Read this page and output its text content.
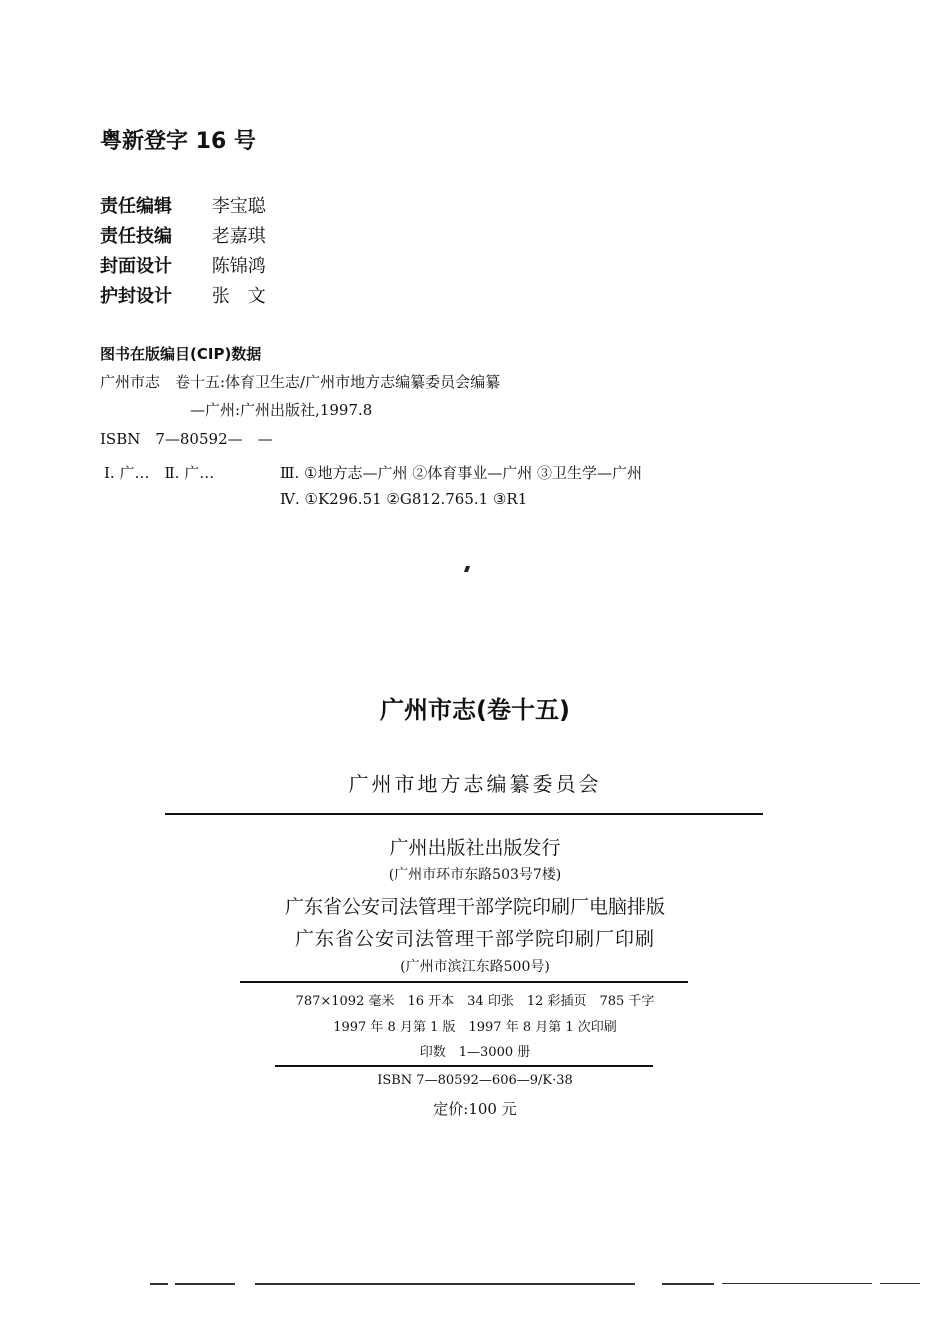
粤新登字 16 号
责任编辑 李宝聪
责任技编 老嘉琪
封面设计 陈锦鸿
护封设计 张　文
图书在版编目(CIP)数据
广州市志　卷十五:体育卫生志/广州市地方志编纂委员会编纂
—广州:广州出版社,1997.8
ISBN　7—80592—　—
Ⅰ. 广…　Ⅱ. 广…	Ⅲ. ①地方志—广州 ②体育事业—广州 ③卫生学—广州
Ⅳ. ①K296.51 ②G812.765.1 ③R1
广州市志(卷十五)
广州市地方志编纂委员会
广州出版社出版发行
(广州市环市东路503号7楼)
广东省公安司法管理干部学院印刷厂电脑排版
广东省公安司法管理干部学院印刷厂印刷
(广州市滨江东路500号)
787×1092 毫米　16 开本　34 印张　12 彩插页　785 千字
1997 年 8 月第 1 版　1997 年 8 月第 1 次印刷
印数　1—3000 册
ISBN 7—80592—606—9/K·38
定价:100 元
